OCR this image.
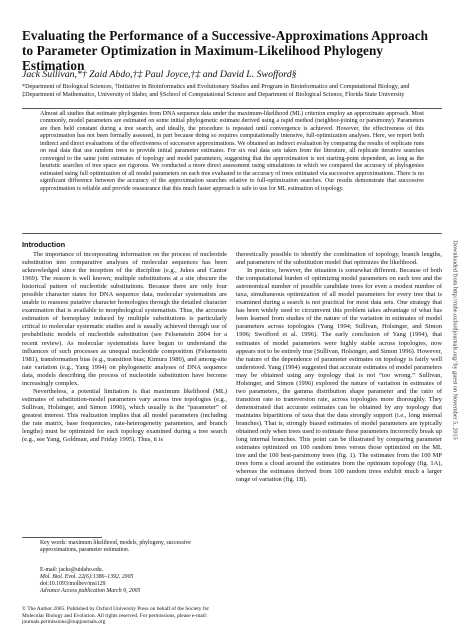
Evaluating the Performance of a Successive-Approximations Approach to Parameter Optimization in Maximum-Likelihood Phylogeny Estimation
Jack Sullivan,*† Zaid Abdo,†‡ Paul Joyce,†‡ and David L. Swofford§
*Department of Biological Sciences, †Initiative in Bioinformatics and Evolutionary Studies and Program in Bioinformatics and Computational Biology, and ‡Department of Mathematics, University of Idaho; and §School of Computational Science and Department of Biological Science, Florida State University
Almost all studies that estimate phylogenies from DNA sequence data under the maximum-likelihood (ML) criterion employ an approximate approach. Most commonly, model parameters are estimated on some initial phylogenetic estimate derived using a rapid method (neighbor-joining or parsimony). Parameters are then held constant during a tree search, and ideally, the procedure is repeated until convergence is achieved. However, the effectiveness of this approximation has not been formally assessed, in part because doing so requires computationally intensive, full-optimization analyses. Here, we report both indirect and direct evaluations of the effectiveness of successive approximations. We obtained an indirect evaluation by comparing the results of replicate runs on real data that use random trees to provide initial parameter estimates. For six real data sets taken from the literature, all replicate iterative searches converged to the same joint estimates of topology and model parameters, suggesting that the approximation is not starting-point dependent, as long as the heuristic searches of tree space are rigorous. We conducted a more direct assessment using simulations in which we compared the accuracy of phylogenies estimated using full optimization of all model parameters on each tree evaluated to the accuracy of trees estimated via successive approximations. There is no significant difference between the accuracy of the approximation searches relative to full-optimization searches. Our results demonstrate that successive approximation is reliable and provide reassurance that this much faster approach is safe to use for ML estimation of topology.
Introduction

The importance of incorporating information on the process of nucleotide substitution into comparative analyses of molecular sequences has been acknowledged since the inception of the discipline (e.g., Jukes and Cantor 1969). The reason is well known; multiple substitutions at a site obscure the historical pattern of nucleotide substitutions. Because there are only four possible character states for DNA sequence data, molecular systematists are unable to reassess putative character homologies through the detailed character examination that is available to morphological systematists. Thus, the accurate estimation of homoplasy induced by multiple substitutions is particularly critical to molecular systematic studies and is usually achieved through use of probabilistic models of nucleotide substitution (see Felsenstein 2004 for a recent review). As molecular systematists have begun to understand the influences of such processes as unequal nucleotide composition (Felsenstein 1981), transformation bias (e.g., transition bias; Kimura 1980), and among-site rate variation (e.g., Yang 1994) on phylogenetic analyses of DNA sequence data, models describing the process of nucleotide substitution have become increasingly complex.

Nevertheless, a potential limitation is that maximum likelihood (ML) estimates of substitution-model parameters vary across tree topologies (e.g., Sullivan, Holsinger, and Simon 1996), which usually is the “parameter” of greatest interest. This realization implies that all model parameters (including the rate matrix, base frequencies, rate-heterogeneity parameters, and branch lengths) must be optimized for each topology examined during a tree search (e.g., see Yang, Goldman, and Friday 1995). Thus, it is

theoretically possible to identify the combination of topology, branch lengths, and parameters of the substitution model that optimizes the likelihood.

In practice, however, the situation is somewhat different. Because of both the computational burden of optimizing model parameters on each tree and the astronomical number of possible candidate trees for even a modest number of taxa, simultaneous optimization of all model parameters for every tree that is examined during a search is not practical for most data sets. One strategy that has been widely used to circumvent this problem takes advantage of what has been learned from studies of the nature of the variation in estimates of model parameters across topologies (Yang 1994; Sullivan, Holsinger, and Simon 1996; Swofford et al. 1996). The early conclusion of Yang (1994), that estimates of model parameters were highly stable across topologies, now appears not to be entirely true (Sullivan, Holsinger, and Simon 1996). However, the nature of the dependence of parameter estimates on topology is fairly well understood. Yang (1994) suggested that accurate estimates of model parameters may be obtained using any topology that is not “too wrong.” Sullivan, Holsinger, and Simon (1996) explored the nature of variation in estimates of two parameters, the gamma distribution shape parameter and the ratio of transition rate to transversion rate, across topologies more thoroughly. They demonstrated that accurate estimates can be obtained by any topology that maintains bipartitions of taxa that the data strongly support (i.e., long internal branches). That is, strongly biased estimates of model parameters are typically obtained only when trees used to estimate these parameters incorrectly break up long internal branches. This point can be illustrated by comparing parameter estimates optimized on 100 random trees versus those optimized on the ML tree and the 100 best-parsimony trees (fig. 1). The estimates from the 100 MP trees form a cloud around the estimates from the optimum topology (fig. 1A), whereas the estimates derived from 100 random trees exhibit much a larger range of variation (fig. 1B).

Key words: maximum likelihood, models, phylogeny, successive approximations, parameter estimation.
E-mail: jacks@uidaho.edu.
Mol. Biol. Evol. 22(6):1386–1392. 2005
doi:10.1093/molbev/msi129
Advance Access publication March 9, 2005
© The Author 2005. Published by Oxford University Press on behalf of the Society for Molecular Biology and Evolution. All rights reserved. For permissions, please e-mail: journals.permissions@oupjournals.org
Downloaded from http://mbe.oxfordjournals.org/ by guest on November 5, 2015
